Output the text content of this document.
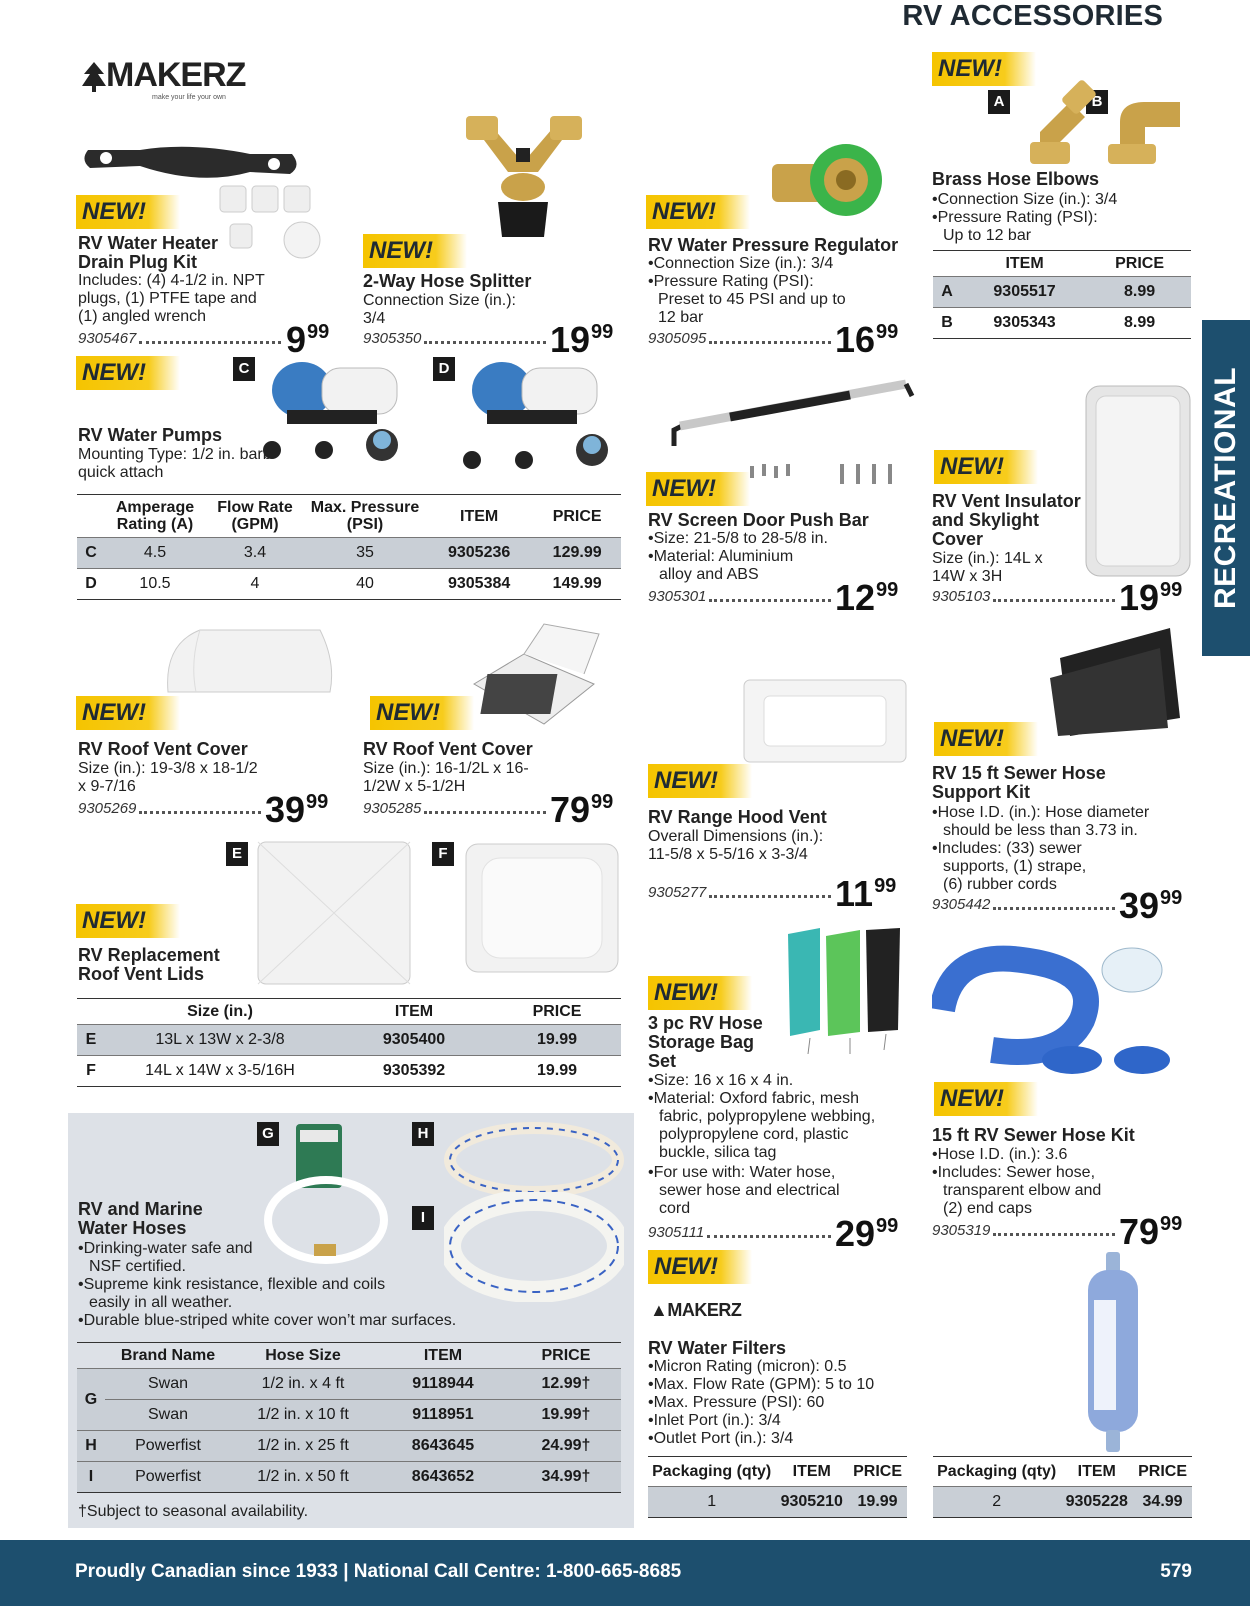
RV ACCESSORIES
MAKERZ
make your life your own
NEW!
RV Water Heater Drain Plug Kit
Includes: (4) 4-1/2 in. NPT plugs, (1) PTFE tape and (1) angled wrench
9305467	$9^{99}$
NEW!
2-Way Hose Splitter
Connection Size (in.): 3/4
9305350	$19^{99}$
NEW!
RV Water Pressure Regulator
•Connection Size (in.): 3/4
•Pressure Rating (PSI): Preset to 45 PSI and up to 12 bar
9305095	$16^{99}$
NEW!
A	B
Brass Hose Elbows
•Connection Size (in.): 3/4
•Pressure Rating (PSI): Up to 12 bar
	ITEM	PRICE
A	9305517	8.99
B	9305343	8.99
RECREATIONAL
NEW!	C	D
RV Water Pumps
Mounting Type: 1/2 in. barb quick attach
	Amperage Rating (A)	Flow Rate (GPM)	Max. Pressure (PSI)	ITEM	PRICE
C	4.5	3.4	35	9305236	129.99
D	10.5	4	40	9305384	149.99
NEW!
RV Screen Door Push Bar
•Size: 21-5/8 to 28-5/8 in.
•Material: Aluminium alloy and ABS
9305301	$12^{99}$
NEW!
RV Vent Insulator and Skylight Cover
Size (in.): 14L x 14W x 3H
9305103	$19^{99}$
NEW!
RV Roof Vent Cover
Size (in.): 19-3/8 x 18-1/2 x 9-7/16
9305269	$39^{99}$
NEW!
RV Roof Vent Cover
Size (in.): 16-1/2L x 16-1/2W x 5-1/2H
9305285	$79^{99}$
NEW!
RV Range Hood Vent
Overall Dimensions (in.): 11-5/8 x 5-5/16 x 3-3/4
9305277	$11^{99}$
NEW!
RV 15 ft Sewer Hose Support Kit
•Hose I.D. (in.): Hose diameter should be less than 3.73 in.
•Includes: (33) sewer supports, (1) strape, (6) rubber cords
9305442	$39^{99}$
E	F
NEW!
RV Replacement Roof Vent Lids
	Size (in.)	ITEM	PRICE
E	13L x 13W x 2-3/8	9305400	19.99
F	14L x 14W x 3-5/16H	9305392	19.99
NEW!
3 pc RV Hose Storage Bag Set
•Size: 16 x 16 x 4 in.
•Material: Oxford fabric, mesh fabric, polypropylene webbing, polypropylene cord, plastic buckle, silica tag
•For use with: Water hose, sewer hose and electrical cord
9305111	$29^{99}$
NEW!
15 ft RV Sewer Hose Kit
•Hose I.D. (in.): 3.6
•Includes: Sewer hose, transparent elbow and (2) end caps
9305319	$79^{99}$
G	H
I
RV and Marine Water Hoses
•Drinking-water safe and NSF certified.
•Supreme kink resistance, flexible and coils easily in all weather.
•Durable blue-striped white cover won’t mar surfaces.
	Brand Name	Hose Size	ITEM	PRICE
G	Swan	1/2 in. x 4 ft	9118944	12.99†
	Swan	1/2 in. x 10 ft	9118951	19.99†
H	Powerfist	1/2 in. x 25 ft	8643645	24.99†
I	Powerfist	1/2 in. x 50 ft	8643652	34.99†
†Subject to seasonal availability.
NEW!
▲MAKERZ
RV Water Filters
•Micron Rating (micron): 0.5
•Max. Flow Rate (GPM): 5 to 10
•Max. Pressure (PSI): 60
•Inlet Port (in.): 3/4
•Outlet Port (in.): 3/4
Packaging (qty)	ITEM	PRICE
1	9305210	19.99
Packaging (qty)	ITEM	PRICE
2	9305228	34.99
Proudly Canadian since 1933 | National Call Centre: 1-800-665-8685	579
